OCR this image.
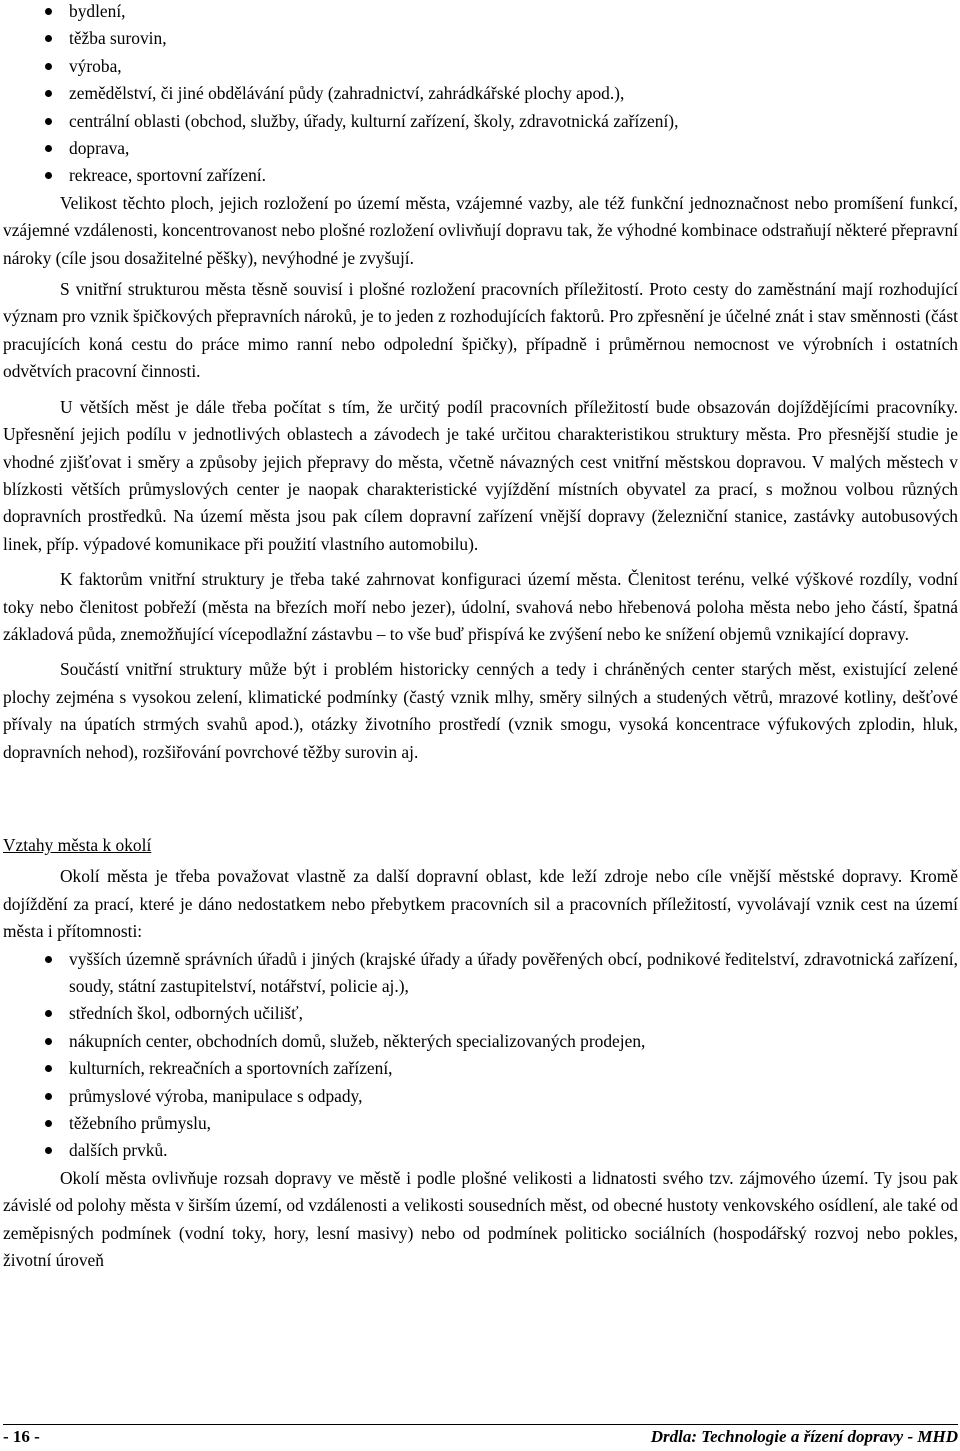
bydlení,
těžba surovin,
výroba,
zemědělství, či jiné obdělávání půdy (zahradnictví, zahrádkářské plochy apod.),
centrální oblasti (obchod, služby, úřady, kulturní zařízení, školy, zdravotnická zařízení),
doprava,
rekreace, sportovní zařízení.

Velikost těchto ploch, jejich rozložení po území města, vzájemné vazby, ale též funkční jednoznačnost nebo promíšení funkcí, vzájemné vzdálenosti, koncentrovanost nebo plošné rozložení ovlivňují dopravu tak, že výhodné kombinace odstraňují některé přepravní nároky (cíle jsou dosažitelné pěšky), nevýhodné je zvyšují.

S vnitřní strukturou města těsně souvisí i plošné rozložení pracovních příležitostí. Proto cesty do zaměstnání mají rozhodující význam pro vznik špičkových přepravních nároků, je to jeden z rozhodujících faktorů. Pro zpřesnění je účelné znát i stav směnnosti (část pracujících koná cestu do práce mimo ranní nebo odpolední špičky), případně i průměrnou nemocnost ve výrobních i ostatních odvětvích pracovní činnosti.

U větších měst je dále třeba počítat s tím, že určitý podíl pracovních příležitostí bude obsazován dojíždějícími pracovníky. Upřesnění jejich podílu v jednotlivých oblastech a závodech je také určitou charakteristikou struktury města. Pro přesnější studie je vhodné zjišťovat i směry a způsoby jejich přepravy do města, včetně návazných cest vnitřní městskou dopravou. V malých městech v blízkosti větších průmyslových center je naopak charakteristické vyjíždění místních obyvatel za prací, s možnou volbou různých dopravních prostředků. Na území města jsou pak cílem dopravní zařízení vnější dopravy (železniční stanice, zastávky autobusových linek, příp. výpadové komunikace při použití vlastního automobilu).

K faktorům vnitřní struktury je třeba také zahrnovat konfiguraci území města. Členitost terénu, velké výškové rozdíly, vodní toky nebo členitost pobřeží (města na březích moří nebo jezer), údolní, svahová nebo hřebenová poloha města nebo jeho částí, špatná základová půda, znemožňující vícepodlažní zástavbu – to vše buď přispívá ke zvýšení nebo ke snížení objemů vznikající dopravy.

Součástí vnitřní struktury může být i problém historicky cenných a tedy i chráněných center starých měst, existující zelené plochy zejména s vysokou zelení, klimatické podmínky (častý vznik mlhy, směry silných a studených větrů, mrazové kotliny, dešťové přívaly na úpatích strmých svahů apod.), otázky životního prostředí (vznik smogu, vysoká koncentrace výfukových zplodin, hluk, dopravních nehod), rozšiřování povrchové těžby surovin aj.

Vztahy města k okolí

Okolí města je třeba považovat vlastně za další dopravní oblast, kde leží zdroje nebo cíle vnější městské dopravy. Kromě dojíždění za prací, které je dáno nedostatkem nebo přebytkem pracovních sil a pracovních příležitostí, vyvolávají vznik cest na území města i přítomnosti:

vyšších územně správních úřadů i jiných (krajské úřady a úřady pověřených obcí, podnikové ředitelství, zdravotnická zařízení, soudy, státní zastupitelství, notářství, policie aj.),
středních škol, odborných učilišť,
nákupních center, obchodních domů, služeb, některých specializovaných prodejen,
kulturních, rekreačních a sportovních zařízení,
průmyslové výroba, manipulace s odpady,
těžebního průmyslu,
dalších prvků.

Okolí města ovlivňuje rozsah dopravy ve městě i podle plošné velikosti a lidnatosti svého tzv. zájmového území. Ty jsou pak závislé od polohy města v širším území, od vzdálenosti a velikosti sousedních měst, od obecné hustoty venkovského osídlení, ale také od zeměpisných podmínek (vodní toky, hory, lesní masivy) nebo od podmínek politicko sociálních (hospodářský rozvoj nebo pokles, životní úroveň

- 16 -	Drdla: Technologie a řízení dopravy - MHD
